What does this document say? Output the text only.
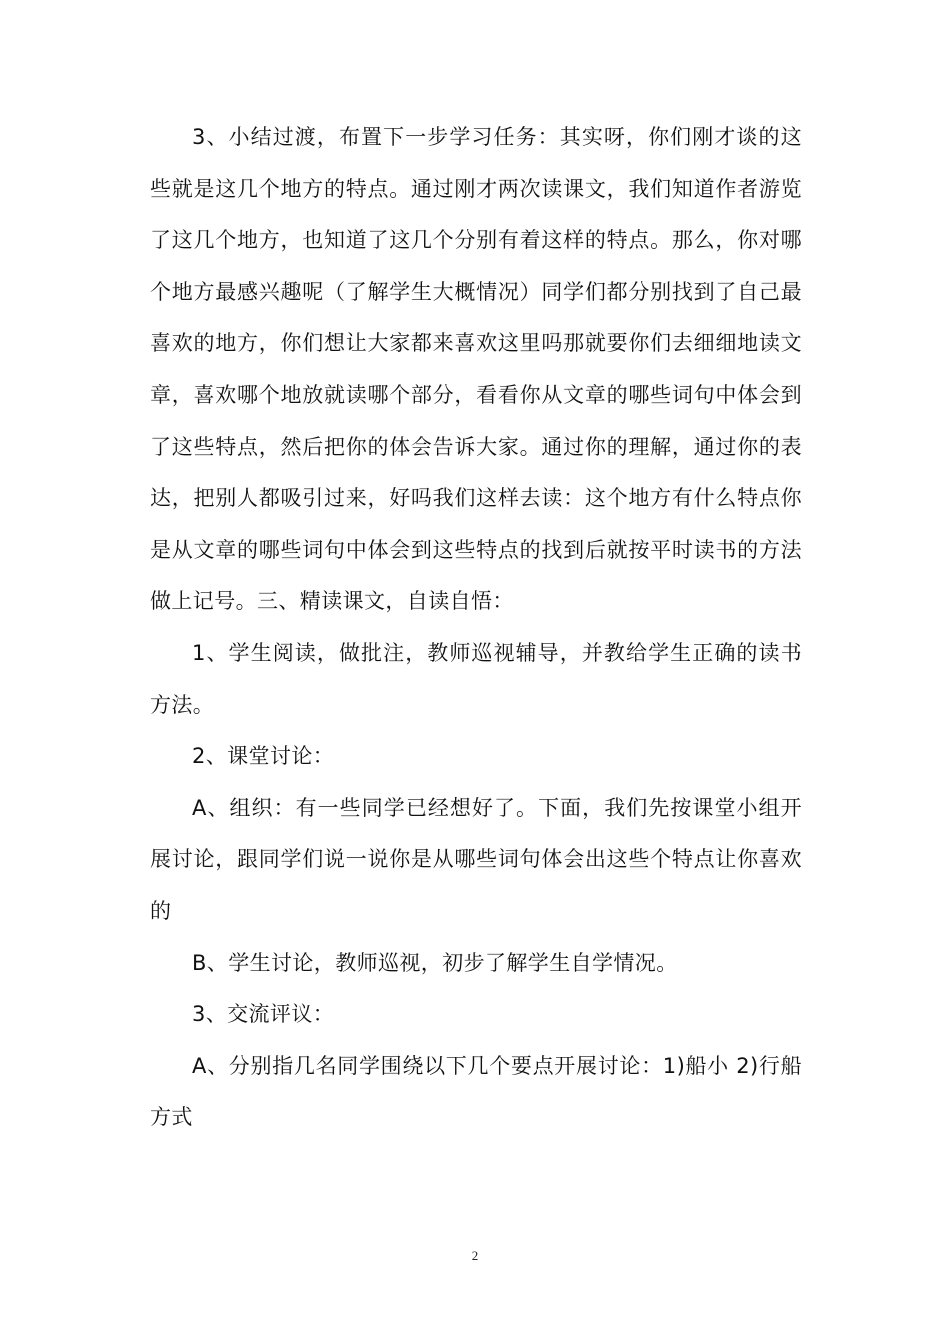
3、小结过渡，布置下一步学习任务：其实呀，你们刚才谈的这些就是这几个地方的特点。通过刚才两次读课文，我们知道作者游览了这几个地方，也知道了这几个分别有着这样的特点。那么，你对哪个地方最感兴趣呢（了解学生大概情况）同学们都分别找到了自己最喜欢的地方，你们想让大家都来喜欢这里吗那就要你们去细细地读文章，喜欢哪个地放就读哪个部分，看看你从文章的哪些词句中体会到了这些特点，然后把你的体会告诉大家。通过你的理解，通过你的表达，把别人都吸引过来，好吗我们这样去读：这个地方有什么特点你是从文章的哪些词句中体会到这些特点的找到后就按平时读书的方法做上记号。三、精读课文，自读自悟：

1、学生阅读，做批注，教师巡视辅导，并教给学生正确的读书方法。

2、课堂讨论：

A、组织：有一些同学已经想好了。下面，我们先按课堂小组开展讨论，跟同学们说一说你是从哪些词句体会出这些个特点让你喜欢的

B、学生讨论，教师巡视，初步了解学生自学情况。

3、交流评议：

A、分别指几名同学围绕以下几个要点开展讨论：1)船小 2)行船方式

2
